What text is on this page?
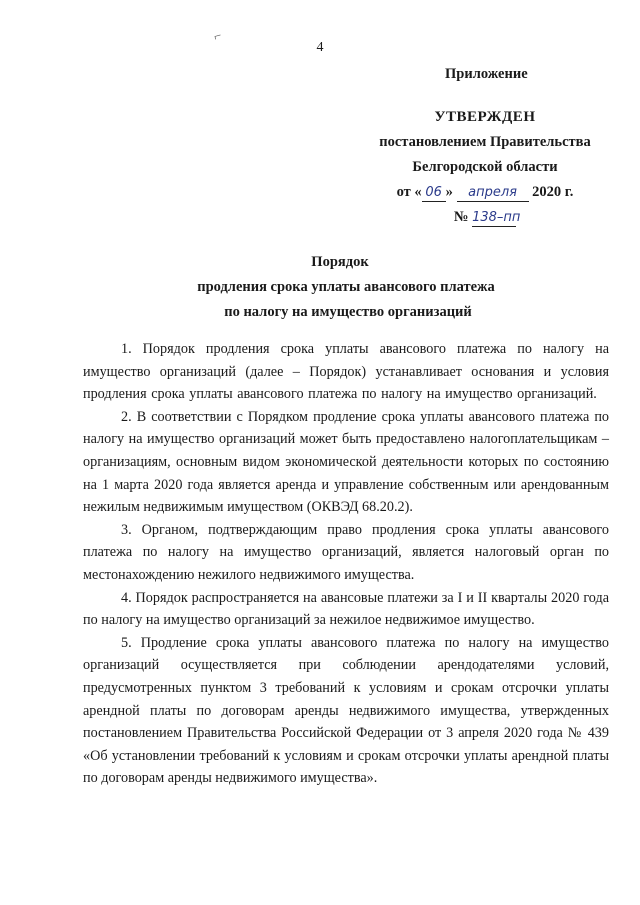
⌐
4
Приложение
УТВЕРЖДЕН
постановлением Правительства
Белгородской области
от « 06 » апреля 2020 г.
№ 138–пп
Порядок
продления срока уплаты авансового платежа
по налогу на имущество организаций

1. Порядок продления срока уплаты авансового платежа по налогу на имущество организаций (далее – Порядок) устанавливает основания и условия продления срока уплаты авансового платежа по налогу на имущество организаций.

2. В соответствии с Порядком продление срока уплаты авансового платежа по налогу на имущество организаций может быть предоставлено налогоплательщикам – организациям, основным видом экономической деятельности которых по состоянию на 1 марта 2020 года является аренда и управление собственным или арендованным нежилым недвижимым имуществом (ОКВЭД 68.20.2).

3. Органом, подтверждающим право продления срока уплаты авансового платежа по налогу на имущество организаций, является налоговый орган по местонахождению нежилого недвижимого имущества.

4. Порядок распространяется на авансовые платежи за I и II кварталы 2020 года по налогу на имущество организаций за нежилое недвижимое имущество.

5. Продление срока уплаты авансового платежа по налогу на имущество организаций осуществляется при соблюдении арендодателями условий, предусмотренных пунктом 3 требований к условиям и срокам отсрочки уплаты арендной платы по договорам аренды недвижимого имущества, утвержденных постановлением Правительства Российской Федерации от 3 апреля 2020 года № 439 «Об установлении требований к условиям и срокам отсрочки уплаты арендной платы по договорам аренды недвижимого имущества».
